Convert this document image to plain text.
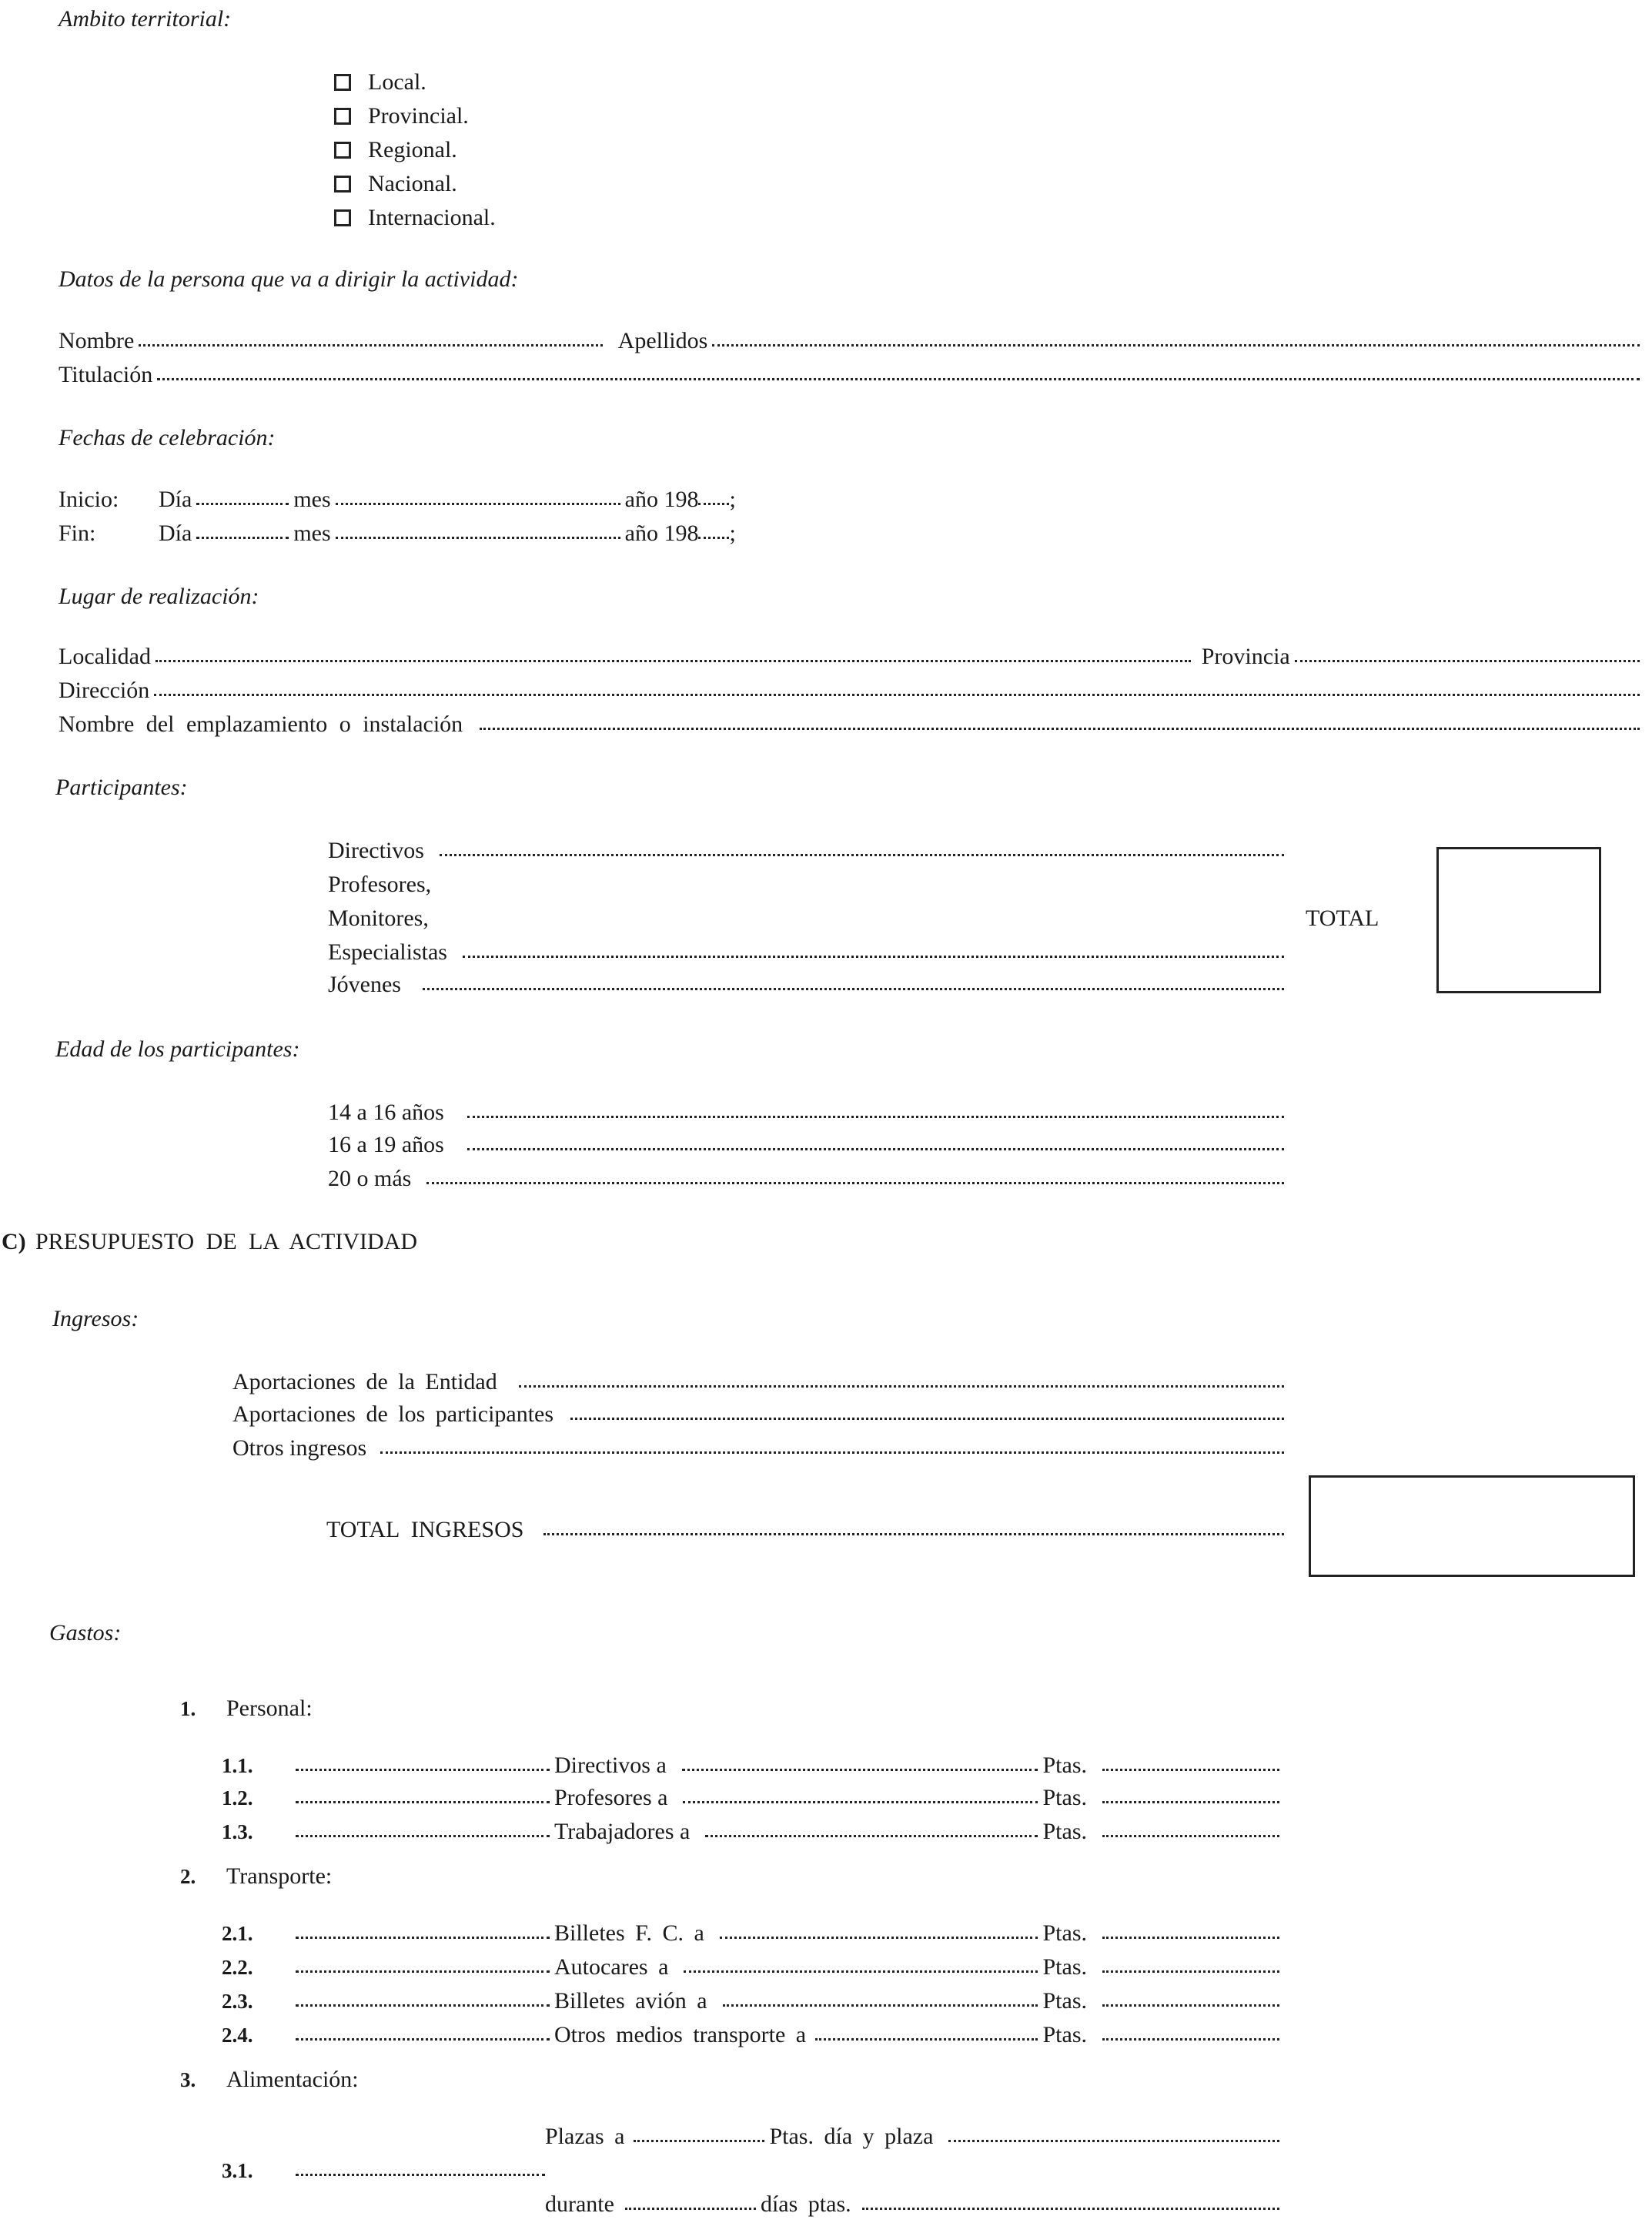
Ambito territorial:
Local.
Provincial.
Regional.
Nacional.
Internacional.
Datos de la persona que va a dirigir la actividad:
Nombre	Apellidos
Titulación
Fechas de celebración:
Inicio:	Día	mes	año 198 ;
Fin:	Día	mes	año 198 ;
Lugar de realización:
Localidad	Provincia
Dirección
Nombre del emplazamiento o instalación
Participantes:
Directivos
Profesores,
Monitores,
Especialistas
Jóvenes
TOTAL
Edad de los participantes:
14 a 16 años
16 a 19 años
20 o más
C) PRESUPUESTO DE LA ACTIVIDAD
Ingresos:
Aportaciones de la Entidad
Aportaciones de los participantes
Otros ingresos
TOTAL INGRESOS
Gastos:
1. Personal:
1.1.	Directivos a	Ptas.
1.2.	Profesores a	Ptas.
1.3.	Trabajadores a	Ptas.
2. Transporte:
2.1.	Billetes F. C. a	Ptas.
2.2.	Autocares a	Ptas.
2.3.	Billetes avión a	Ptas.
2.4.	Otros medios transporte a	Ptas.
3. Alimentación:
Plazas a	Ptas. día y plaza
3.1.
durante	días ptas.
